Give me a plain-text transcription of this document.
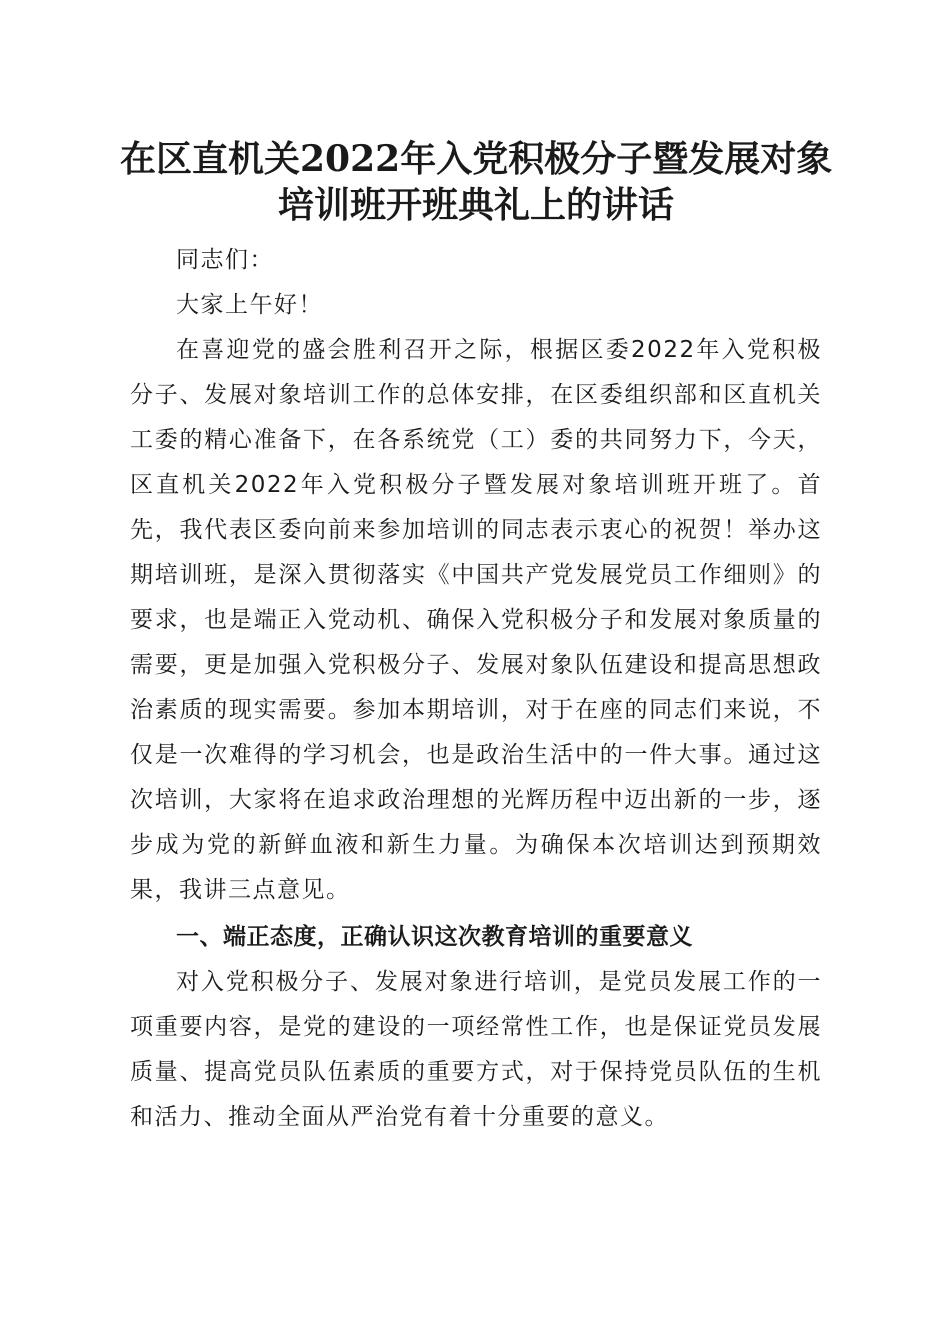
在区直机关2022年入党积极分子暨发展对象
培训班开班典礼上的讲话

同志们：

大家上午好！

在喜迎党的盛会胜利召开之际，根据区委2022年入党积极分子、发展对象培训工作的总体安排，在区委组织部和区直机关工委的精心准备下，在各系统党（工）委的共同努力下，今天，区直机关2022年入党积极分子暨发展对象培训班开班了。首先，我代表区委向前来参加培训的同志表示衷心的祝贺！举办这期培训班，是深入贯彻落实《中国共产党发展党员工作细则》的要求，也是端正入党动机、确保入党积极分子和发展对象质量的需要，更是加强入党积极分子、发展对象队伍建设和提高思想政治素质的现实需要。参加本期培训，对于在座的同志们来说，不仅是一次难得的学习机会，也是政治生活中的一件大事。通过这次培训，大家将在追求政治理想的光辉历程中迈出新的一步，逐步成为党的新鲜血液和新生力量。为确保本次培训达到预期效果，我讲三点意见。

一、端正态度，正确认识这次教育培训的重要意义

对入党积极分子、发展对象进行培训，是党员发展工作的一项重要内容，是党的建设的一项经常性工作，也是保证党员发展质量、提高党员队伍素质的重要方式，对于保持党员队伍的生机和活力、推动全面从严治党有着十分重要的意义。
